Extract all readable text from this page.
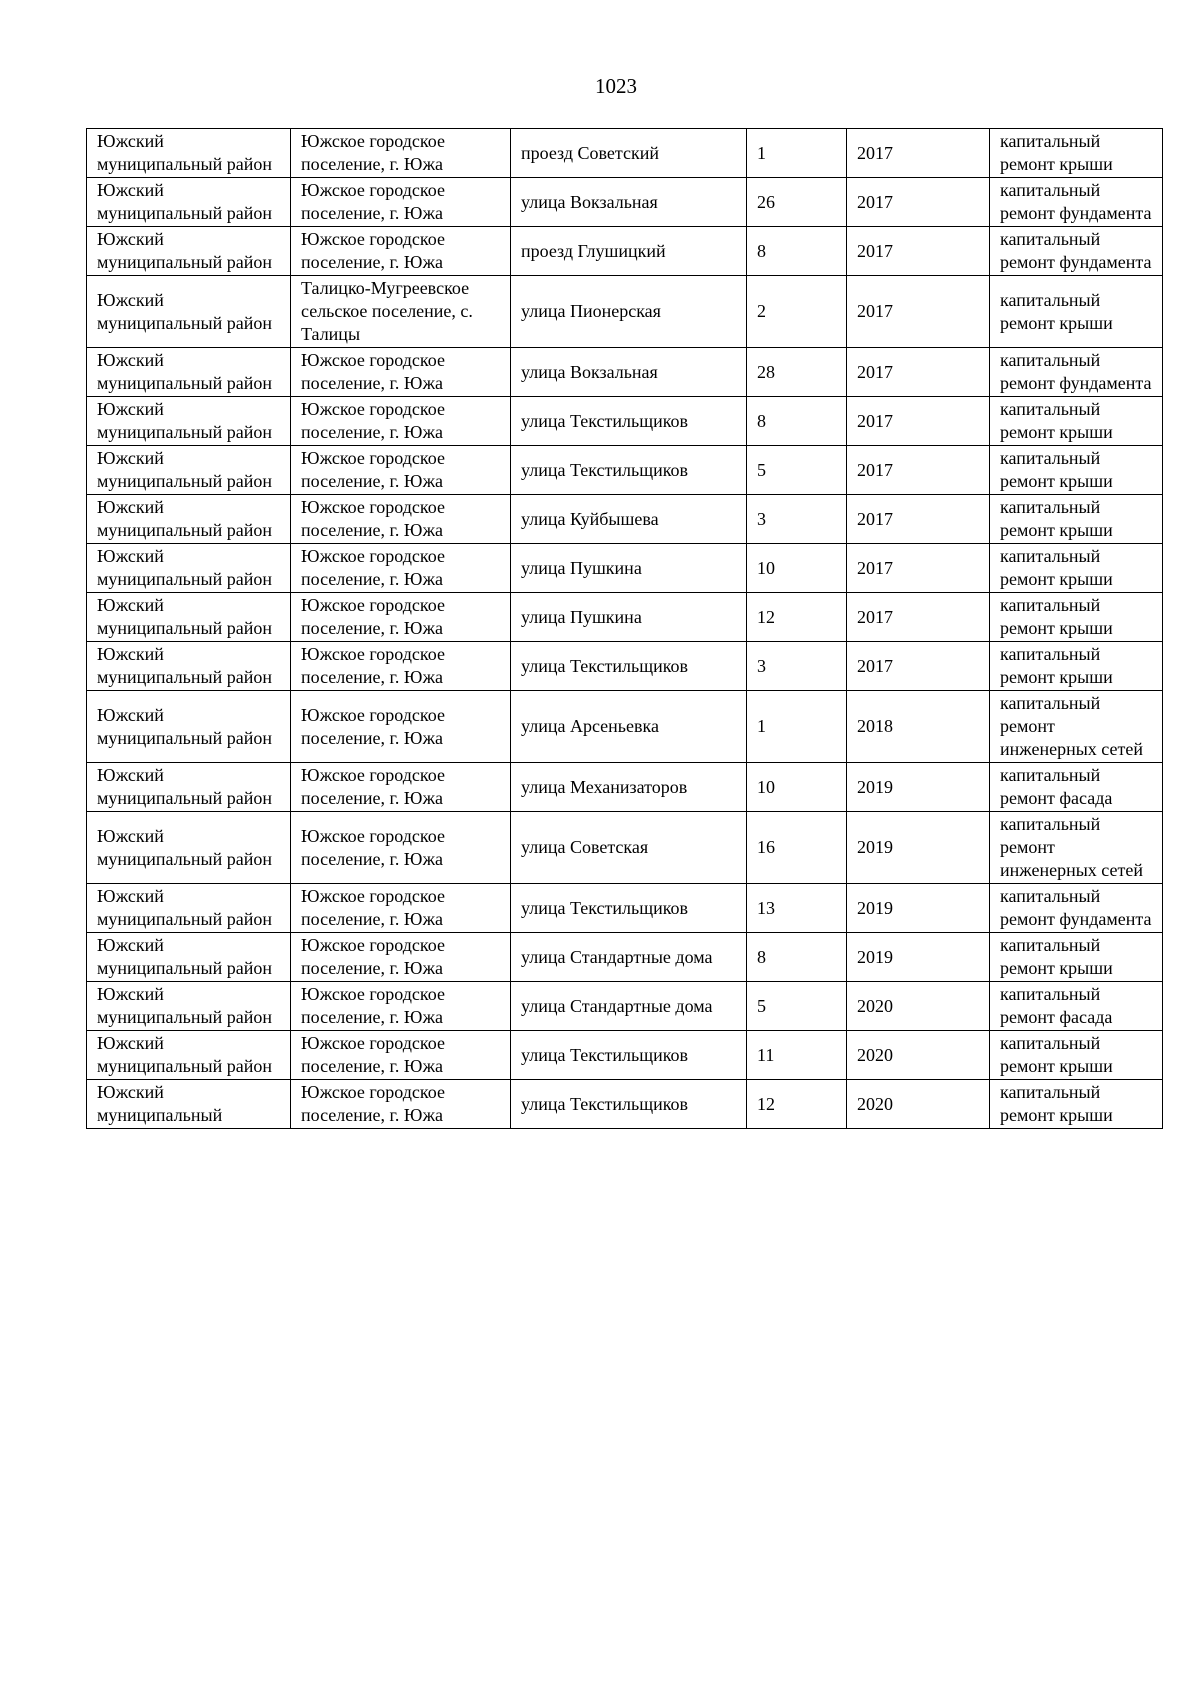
1023
Южский муниципальный район	Южское городское поселение, г. Южа	проезд Советский	1	2017	капитальный ремонт крыши
Южский муниципальный район	Южское городское поселение, г. Южа	улица Вокзальная	26	2017	капитальный ремонт фундамента
Южский муниципальный район	Южское городское поселение, г. Южа	проезд Глушицкий	8	2017	капитальный ремонт фундамента
Южский муниципальный район	Талицко-Мугреевское сельское поселение, с. Талицы	улица Пионерская	2	2017	капитальный ремонт крыши
Южский муниципальный район	Южское городское поселение, г. Южа	улица Вокзальная	28	2017	капитальный ремонт фундамента
Южский муниципальный район	Южское городское поселение, г. Южа	улица Текстильщиков	8	2017	капитальный ремонт крыши
Южский муниципальный район	Южское городское поселение, г. Южа	улица Текстильщиков	5	2017	капитальный ремонт крыши
Южский муниципальный район	Южское городское поселение, г. Южа	улица Куйбышева	3	2017	капитальный ремонт крыши
Южский муниципальный район	Южское городское поселение, г. Южа	улица Пушкина	10	2017	капитальный ремонт крыши
Южский муниципальный район	Южское городское поселение, г. Южа	улица Пушкина	12	2017	капитальный ремонт крыши
Южский муниципальный район	Южское городское поселение, г. Южа	улица Текстильщиков	3	2017	капитальный ремонт крыши
Южский муниципальный район	Южское городское поселение, г. Южа	улица Арсеньевка	1	2018	капитальный ремонт инженерных сетей
Южский муниципальный район	Южское городское поселение, г. Южа	улица Механизаторов	10	2019	капитальный ремонт фасада
Южский муниципальный район	Южское городское поселение, г. Южа	улица Советская	16	2019	капитальный ремонт инженерных сетей
Южский муниципальный район	Южское городское поселение, г. Южа	улица Текстильщиков	13	2019	капитальный ремонт фундамента
Южский муниципальный район	Южское городское поселение, г. Южа	улица Стандартные дома	8	2019	капитальный ремонт крыши
Южский муниципальный район	Южское городское поселение, г. Южа	улица Стандартные дома	5	2020	капитальный ремонт фасада
Южский муниципальный район	Южское городское поселение, г. Южа	улица Текстильщиков	11	2020	капитальный ремонт крыши
Южский муниципальный	Южское городское поселение, г. Южа	улица Текстильщиков	12	2020	капитальный ремонт крыши
